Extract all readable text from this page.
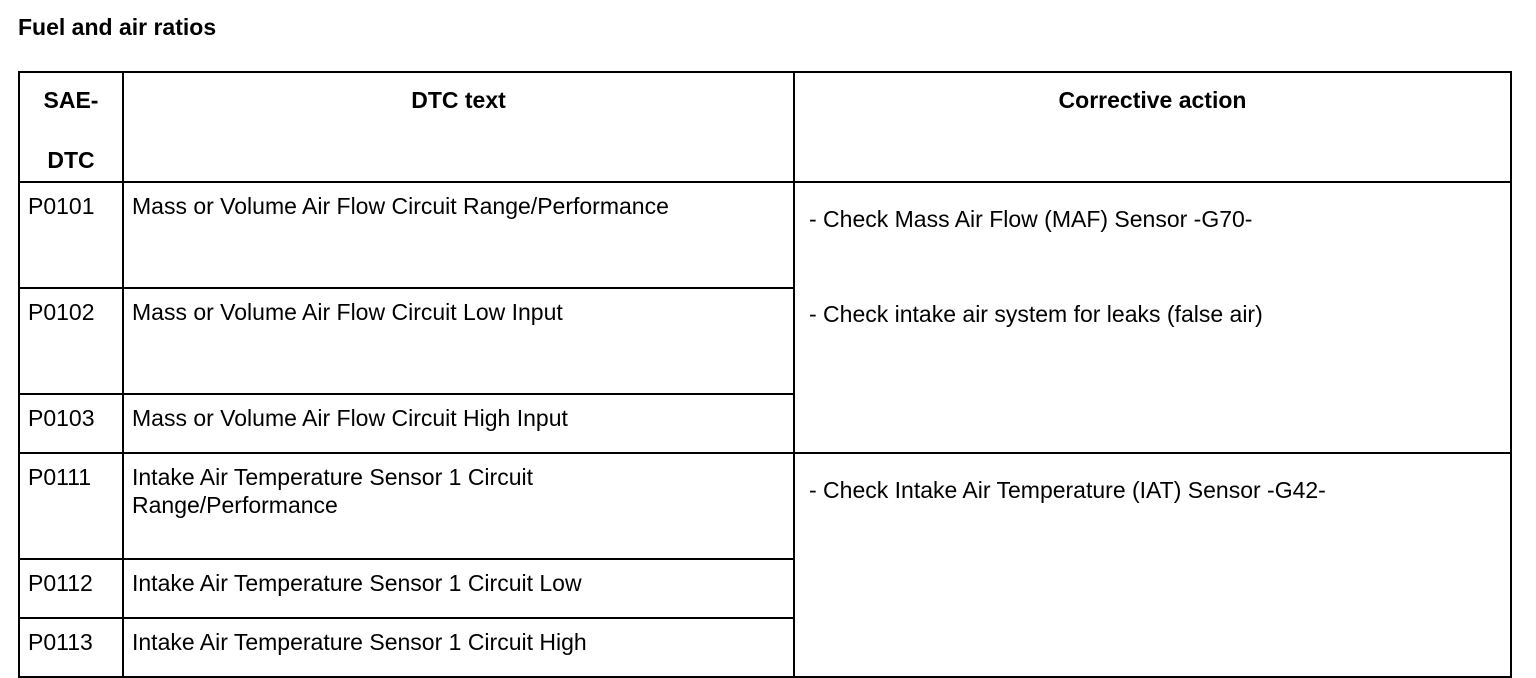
Fuel and air ratios
SAE-
DTC	DTC text	Corrective action

P0101	Mass or Volume Air Flow Circuit Range/Performance	- Check Mass Air Flow (MAF) Sensor -G70-
- Check intake air system for leaks (false air)

P0102	Mass or Volume Air Flow Circuit Low Input	

P0103	Mass or Volume Air Flow Circuit High Input	

P0111	Intake Air Temperature Sensor 1 Circuit
Range/Performance	- Check Intake Air Temperature (IAT) Sensor -G42-

P0112	Intake Air Temperature Sensor 1 Circuit Low	

P0113	Intake Air Temperature Sensor 1 Circuit High	
